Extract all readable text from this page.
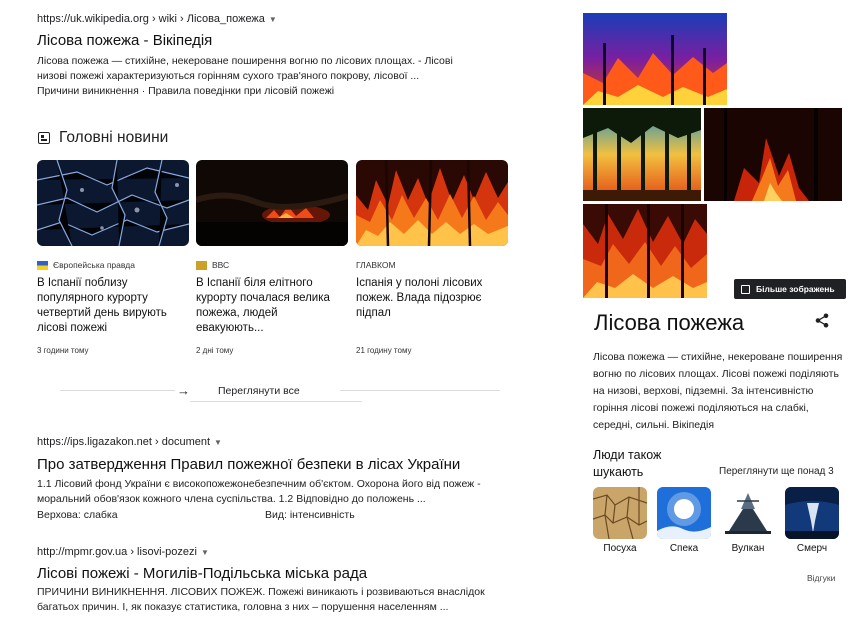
https://uk.wikipedia.org › wiki › Лісова_пожежа ▼
Лісова пожежа - Вікіпедія
Лісова пожежа — стихійне, некероване поширення вогню по лісових площах. - Лісові
низові пожежі характеризуються горінням сухого трав'яного покрову, лісової ...
Причини виникнення · Правила поведінки при лісовій пожежі
Головні новини
Європейська правда
В Іспанії поблизу популярного курорту четвертий день вирують лісові пожежі
3 години тому
ВВС
В Іспанії біля елітного курорту почалася велика пожежа, людей евакуюють...
2 дні тому
ГЛАВКОМ
Іспанія у полоні лісових пожеж. Влада підозрює підпал
21 годину тому
→	Переглянути все
https://ips.ligazakon.net › document ▼
Про затвердження Правил пожежної безпеки в лісах України
1.1 Лісовий фонд України є високопожежонебезпечним об'єктом. Охорона його від пожеж -
моральний обов'язок кожного члена суспільства. 1.2 Відповідно до положень ...
Верхова: слабка	Вид: інтенсивність
http://mpmr.gov.ua › lisovi-pozezi ▼
Лісові пожежі - Могилів-Подільська міська рада
ПРИЧИНИ ВИНИКНЕННЯ. ЛІСОВИХ ПОЖЕЖ. Пожежі виникають і розвиваються внаслідок
багатьох причин. І, як показує статистика, головна з них – порушення населенням ...
Більше зображень
Лісова пожежа
Лісова пожежа — стихійне, некероване поширення
вогню по лісових площах. Лісові пожежі поділяють
на низові, верхові, підземні. За інтенсивністю
горіння лісові пожежі поділяються на слабкі,
середні, сильні. Вікіпедія
Люди також
шукають	Переглянути ще понад 3
Посуха	Спека	Вулкан	Смерч
Відгуки
